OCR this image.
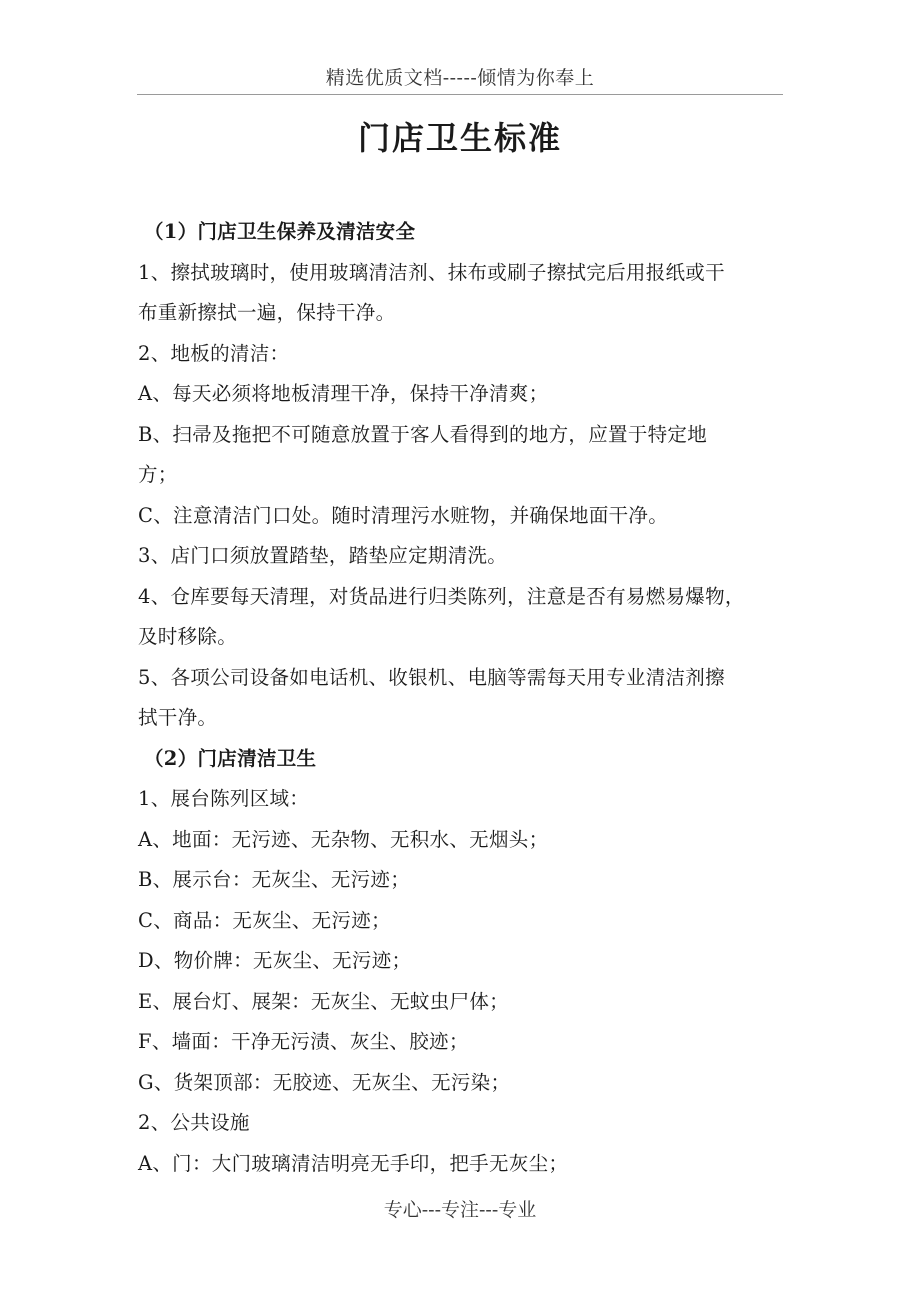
精选优质文档-----倾情为你奉上
门店卫生标准
（1）门店卫生保养及清洁安全
1、擦拭玻璃时，使用玻璃清洁剂、抹布或刷子擦拭完后用报纸或干
布重新擦拭一遍，保持干净。
2、地板的清洁：
A、每天必须将地板清理干净，保持干净清爽；
B、扫帚及拖把不可随意放置于客人看得到的地方，应置于特定地
方；
C、注意清洁门口处。随时清理污水赃物，并确保地面干净。
3、店门口须放置踏垫，踏垫应定期清洗。
4、仓库要每天清理，对货品进行归类陈列，注意是否有易燃易爆物，
及时移除。
5、各项公司设备如电话机、收银机、电脑等需每天用专业清洁剂擦
拭干净。
（2）门店清洁卫生
1、展台陈列区域：
A、地面：无污迹、无杂物、无积水、无烟头；
B、展示台：无灰尘、无污迹；
C、商品：无灰尘、无污迹；
D、物价牌：无灰尘、无污迹；
E、展台灯、展架：无灰尘、无蚊虫尸体；
F、墙面：干净无污渍、灰尘、胶迹；
G、货架顶部：无胶迹、无灰尘、无污染；
2、公共设施
A、门：大门玻璃清洁明亮无手印，把手无灰尘；
专心---专注---专业
